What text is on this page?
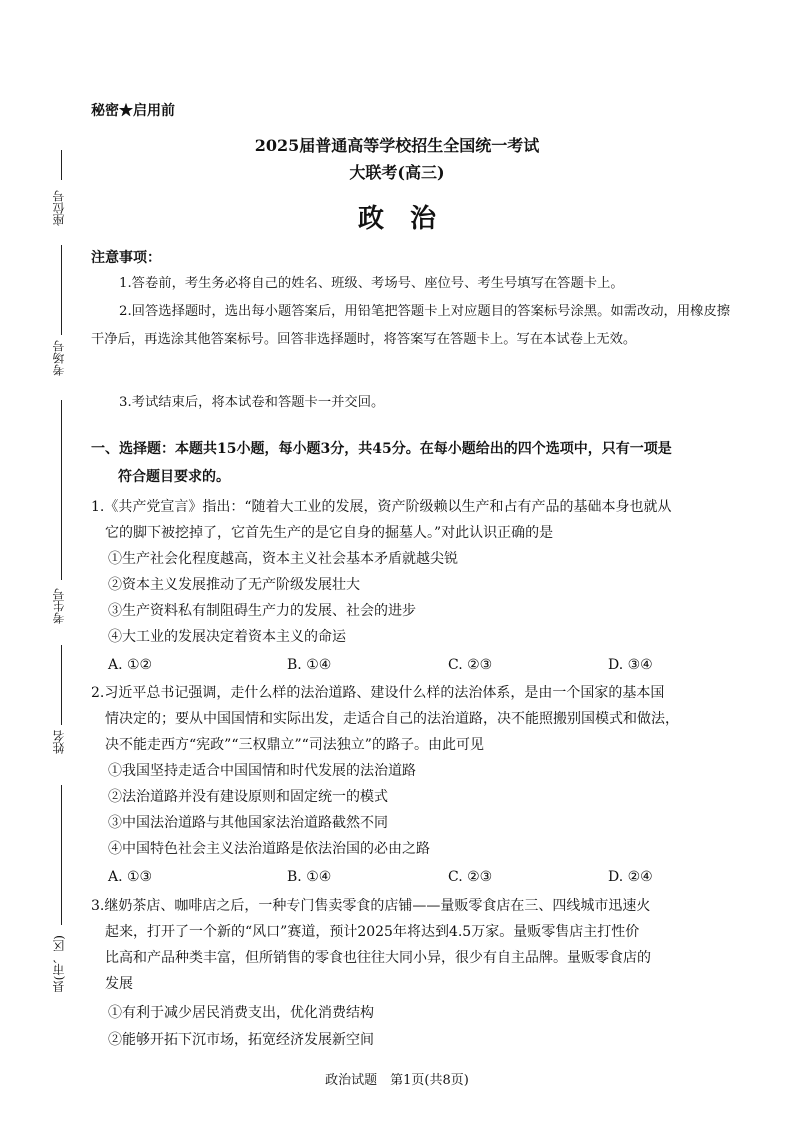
座位号
考场号
考生号
姓名
县(市、区)
秘密★启用前
2025届普通高等学校招生全国统一考试
大联考(高三)
政治
注意事项：
1.答卷前，考生务必将自己的姓名、班级、考场号、座位号、考生号填写在答题卡上。
2.回答选择题时，选出每小题答案后，用铅笔把答题卡上对应题目的答案标号涂黑。如需改动，用橡皮擦干净后，再选涂其他答案标号。回答非选择题时，将答案写在答题卡上。写在本试卷上无效。
3.考试结束后，将本试卷和答题卡一并交回。
一、选择题：本题共15小题，每小题3分，共45分。在每小题给出的四个选项中，只有一项是
符合题目要求的。
1.《共产党宣言》指出：“随着大工业的发展，资产阶级赖以生产和占有产品的基础本身也就从
它的脚下被挖掉了，它首先生产的是它自身的掘墓人。”对此认识正确的是
①生产社会化程度越高，资本主义社会基本矛盾就越尖锐
②资本主义发展推动了无产阶级发展壮大
③生产资料私有制阻碍生产力的发展、社会的进步
④大工业的发展决定着资本主义的命运
A. ①②	B. ①④	C. ②③	D. ③④
2.习近平总书记强调，走什么样的法治道路、建设什么样的法治体系，是由一个国家的基本国
情决定的；要从中国国情和实际出发，走适合自己的法治道路，决不能照搬别国模式和做法，
决不能走西方“宪政”“三权鼎立”“司法独立”的路子。由此可见
①我国坚持走适合中国国情和时代发展的法治道路
②法治道路并没有建设原则和固定统一的模式
③中国法治道路与其他国家法治道路截然不同
④中国特色社会主义法治道路是依法治国的必由之路
A. ①③	B. ①④	C. ②③	D. ②④
3.继奶茶店、咖啡店之后，一种专门售卖零食的店铺——量贩零食店在三、四线城市迅速火
起来，打开了一个新的“风口”赛道，预计2025年将达到4.5万家。量贩零售店主打性价
比高和产品种类丰富，但所销售的零食也往往大同小异，很少有自主品牌。量贩零食店的
发展
①有利于减少居民消费支出，优化消费结构
②能够开拓下沉市场，拓宽经济发展新空间
政治试题　第1页(共8页)
